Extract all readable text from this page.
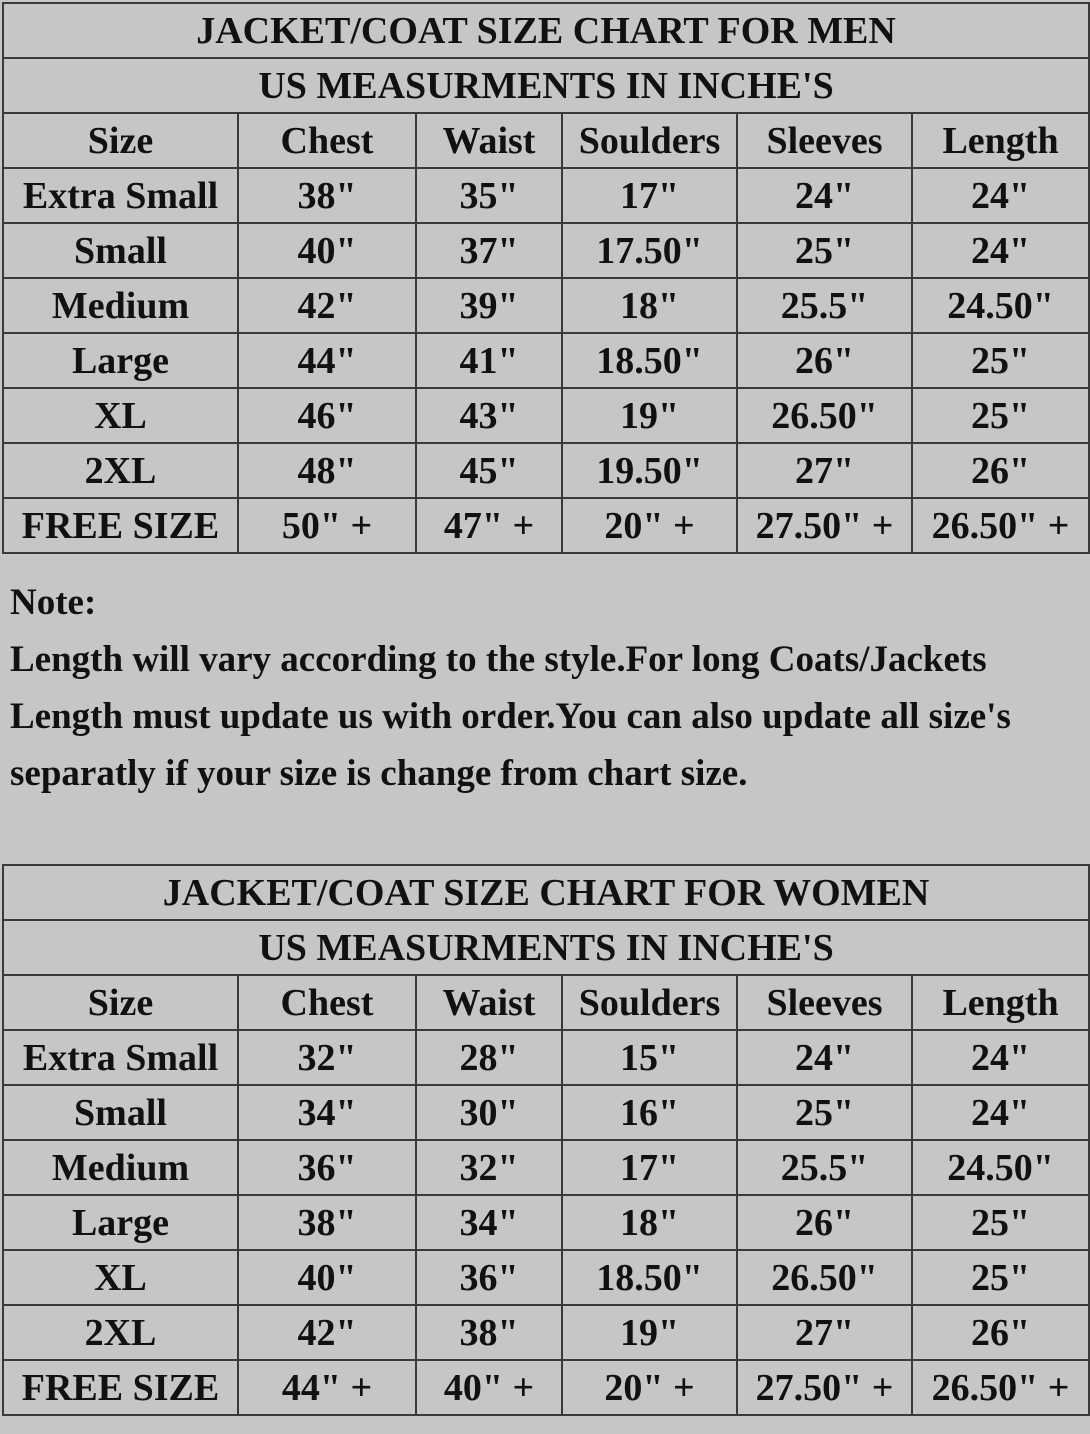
JACKET/COAT SIZE CHART FOR MEN					
US MEASURMENTS IN INCHE'S					
Size	Chest	Waist	Soulders	Sleeves	Length
Extra Small	38"	35"	17"	24"	24"
Small	40"	37"	17.50"	25"	24"
Medium	42"	39"	18"	25.5"	24.50"
Large	44"	41"	18.50"	26"	25"
XL	46"	43"	19"	26.50"	25"
2XL	48"	45"	19.50"	27"	26"
FREE SIZE	50" +	47" +	20" +	27.50" +	26.50" +
Note:
Length will vary according to the style.For long Coats/Jackets Length must update us with order.You can also update all size's separatly if your size is change from chart size.
JACKET/COAT SIZE CHART FOR WOMEN					
US MEASURMENTS IN INCHE'S					
Size	Chest	Waist	Soulders	Sleeves	Length
Extra Small	32"	28"	15"	24"	24"
Small	34"	30"	16"	25"	24"
Medium	36"	32"	17"	25.5"	24.50"
Large	38"	34"	18"	26"	25"
XL	40"	36"	18.50"	26.50"	25"
2XL	42"	38"	19"	27"	26"
FREE SIZE	44" +	40" +	20" +	27.50" +	26.50" +
